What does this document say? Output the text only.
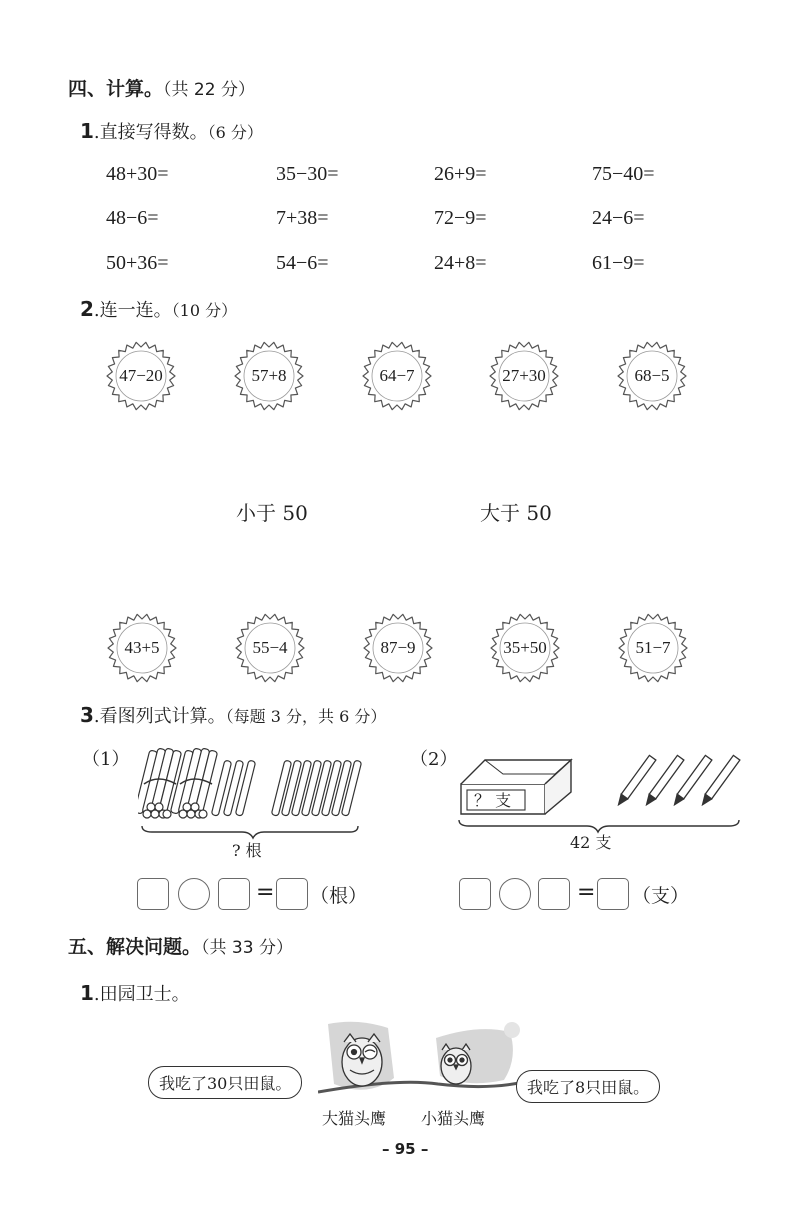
四、计算。（共 22 分）
1.直接写得数。（6 分）
48+30=	35−30=	26+9=	75−40=
48−6=	7+38=	72−9=	24−6=
50+36=	54−6=	24+8=	61−9=
2.连一连。（10 分）
47−20	57+8	64−7	27+30	68−5
小于 50	大于 50
43+5	55−4	87−9	35+50	51−7
3.看图列式计算。（每题 3 分，共 6 分）
（1）
? 根
= （根）
（2）
？ 支
42 支
= （支）
五、解决问题。（共 33 分）
1.田园卫士。
我吃了30只田鼠。	我吃了8只田鼠。
大猫头鹰 小猫头鹰
– 95 –
